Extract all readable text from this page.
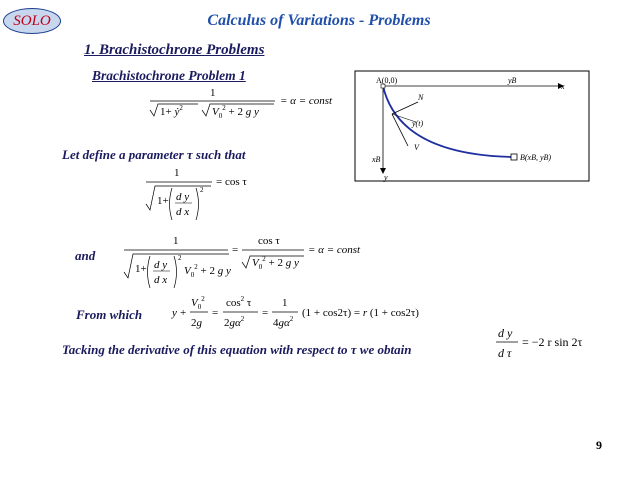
SOLO	Calculus of Variations - Problems
1. Brachistochrone Problems
Brachistochrone Problem 1
1
1+ ẏ$^2$	$V_0^2 + 2$ g y
= α = const
A(0,0)
x
yB
y
xB	B(xB, yB)
y(t)
V
N
Let define a parameter τ such that
1
1+ d y
d x
2
= cos τ
and
1
1+ d y
d x
2
$V_0^2 + 2$ g y
=
cos τ
$V_0^2 + 2$ g y
= α = const
From which	y +
$V_0^2$
2g
=
$\cos^2 \tau$
$2g\alpha^2$ =
1
$4g\alpha^2$ (1 + cos2τ) = r (1 + cos2τ)
Tacking the derivative of this equation with respect to τ we obtain
d y
d τ
= −2 r sin 2τ
9
